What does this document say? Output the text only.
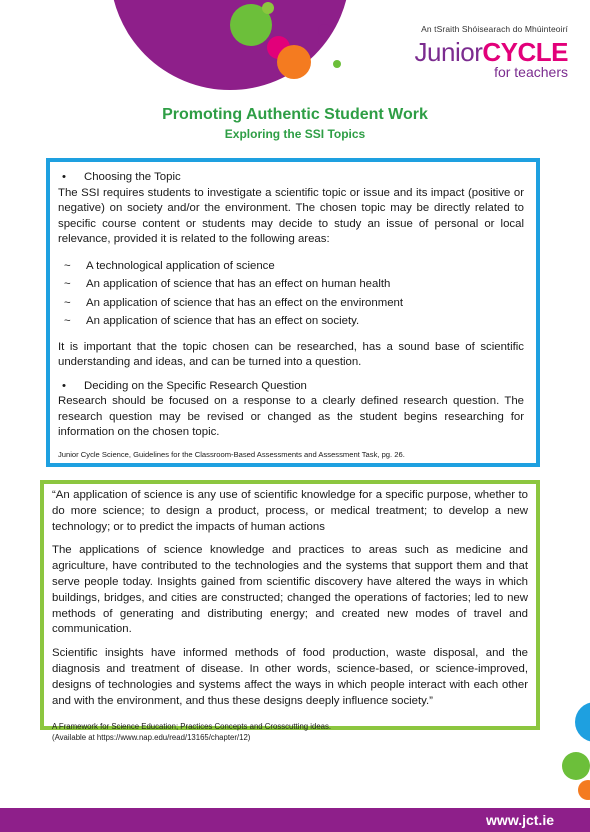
An tSraith Shóisearach do Mhúinteoirí
JuniorCYCLE
for teachers
Promoting Authentic Student Work
Exploring the SSI Topics
• Choosing the Topic

The SSI requires students to investigate a scientific topic or issue and its impact (positive or negative) on society and/or the environment. The chosen topic may be directly related to specific course content or students may decide to study an issue of personal or local relevance, provided it is related to the following areas:

~ A technological application of science
~ An application of science that has an effect on human health
~ An application of science that has an effect on the environment
~ An application of science that has an effect on society.

It is important that the topic chosen can be researched, has a sound base of scientific understanding and ideas, and can be turned into a question.

• Deciding on the Specific Research Question

Research should be focused on a response to a clearly defined research question. The research question may be revised or changed as the student begins researching for information on the chosen topic.

Junior Cycle Science, Guidelines for the Classroom-Based Assessments and Assessment Task, pg. 26.

“An application of science is any use of scientific knowledge for a specific purpose, whether to do more science; to design a product, process, or medical treatment; to develop a new technology; or to predict the impacts of human actions

The applications of science knowledge and practices to areas such as medicine and agriculture, have contributed to the technologies and the systems that support them and that serve people today. Insights gained from scientific discovery have altered the ways in which buildings, bridges, and cities are constructed; changed the operations of factories; led to new methods of generating and distributing energy; and created new modes of travel and communication.

Scientific insights have informed methods of food production, waste disposal, and the diagnosis and treatment of disease. In other words, science-based, or science-improved, designs of technologies and systems affect the ways in which people interact with each other and with the environment, and thus these designs deeply influence society.”

A Framework for Science Education; Practices Concepts and Crosscutting ideas.
(Available at https://www.nap.edu/read/13165/chapter/12)
www.jct.ie
